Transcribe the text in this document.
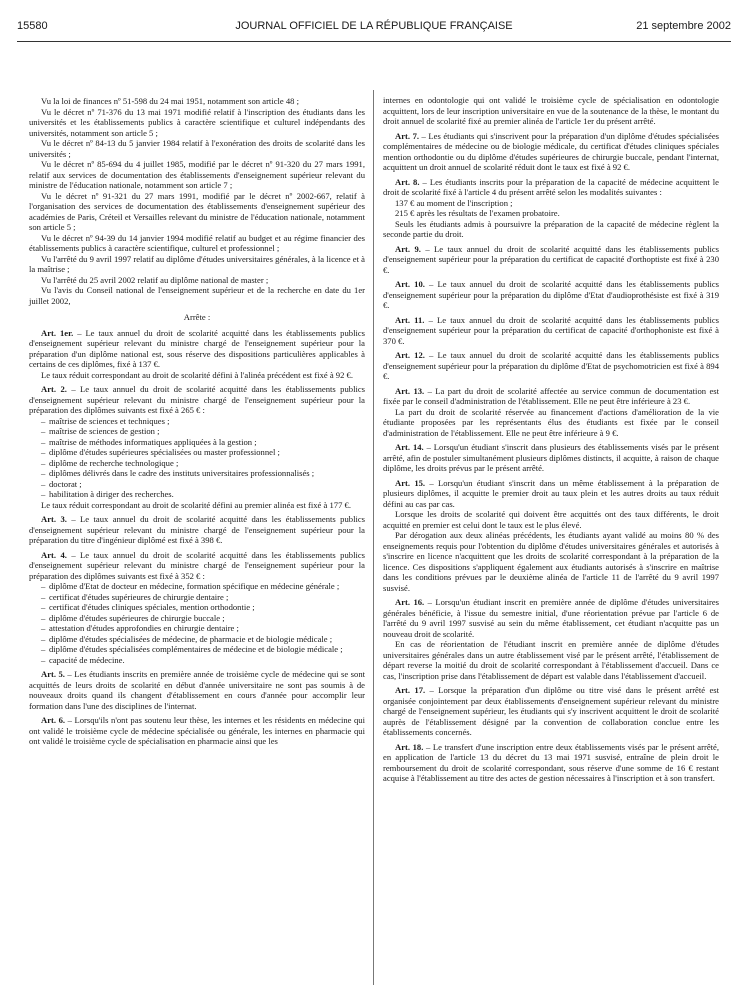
15580	JOURNAL OFFICIEL DE LA RÉPUBLIQUE FRANÇAISE	21 septembre 2002

Vu la loi de finances nº 51-598 du 24 mai 1951, notamment son article 48 ;

Vu le décret nº 71-376 du 13 mai 1971 modifié relatif à l'inscription des étudiants dans les universités et les établissements publics à caractère scientifique et culturel indépendants des universités, notamment son article 5 ;

Vu le décret nº 84-13 du 5 janvier 1984 relatif à l'exonération des droits de scolarité dans les universités ;

Vu le décret nº 85-694 du 4 juillet 1985, modifié par le décret nº 91-320 du 27 mars 1991, relatif aux services de documentation des établissements d'enseignement supérieur relevant du ministre de l'éducation nationale, notamment son article 7 ;

Vu le décret nº 91-321 du 27 mars 1991, modifié par le décret nº 2002-667, relatif à l'organisation des services de documentation des établissements d'enseignement supérieur des académies de Paris, Créteil et Versailles relevant du ministre de l'éducation nationale, notamment son article 5 ;

Vu le décret nº 94-39 du 14 janvier 1994 modifié relatif au budget et au régime financier des établissements publics à caractère scientifique, culturel et professionnel ;

Vu l'arrêté du 9 avril 1997 relatif au diplôme d'études universitaires générales, à la licence et à la maîtrise ;

Vu l'arrêté du 25 avril 2002 relatif au diplôme national de master ;

Vu l'avis du Conseil national de l'enseignement supérieur et de la recherche en date du 1er juillet 2002,

Arrête :

Art. 1er. – Le taux annuel du droit de scolarité acquitté dans les établissements publics d'enseignement supérieur relevant du ministre chargé de l'enseignement supérieur pour la préparation d'un diplôme national est, sous réserve des dispositions particulières applicables à certains de ces diplômes, fixé à 137 €.

Le taux réduit correspondant au droit de scolarité défini à l'alinéa précédent est fixé à 92 €.

Art. 2. – Le taux annuel du droit de scolarité acquitté dans les établissements publics d'enseignement supérieur relevant du ministre chargé de l'enseignement supérieur pour la préparation des diplômes suivants est fixé à 265 € :

– maîtrise de sciences et techniques ;
– maîtrise de sciences de gestion ;
– maîtrise de méthodes informatiques appliquées à la gestion ;
– diplôme d'études supérieures spécialisées ou master professionnel ;
– diplôme de recherche technologique ;
– diplômes délivrés dans le cadre des instituts universitaires professionnalisés ;
– doctorat ;
– habilitation à diriger des recherches.

Le taux réduit correspondant au droit de scolarité défini au premier alinéa est fixé à 177 €.

Art. 3. – Le taux annuel du droit de scolarité acquitté dans les établissements publics d'enseignement supérieur relevant du ministre chargé de l'enseignement supérieur pour la préparation du titre d'ingénieur diplômé est fixé à 398 €.

Art. 4. – Le taux annuel du droit de scolarité acquitté dans les établissements publics d'enseignement supérieur relevant du ministre chargé de l'enseignement supérieur pour la préparation des diplômes suivants est fixé à 352 € :

– diplôme d'Etat de docteur en médecine, formation spécifique en médecine générale ;
– certificat d'études supérieures de chirurgie dentaire ;
– certificat d'études cliniques spéciales, mention orthodontie ;
– diplôme d'études supérieures de chirurgie buccale ;
– attestation d'études approfondies en chirurgie dentaire ;
– diplôme d'études spécialisées de médecine, de pharmacie et de biologie médicale ;
– diplôme d'études spécialisées complémentaires de médecine et de biologie médicale ;
– capacité de médecine.

Art. 5. – Les étudiants inscrits en première année de troisième cycle de médecine qui se sont acquittés de leurs droits de scolarité en début d'année universitaire ne sont pas soumis à de nouveaux droits quand ils changent d'établissement en cours d'année pour accomplir leur formation dans l'une des disciplines de l'internat.

Art. 6. – Lorsqu'ils n'ont pas soutenu leur thèse, les internes et les résidents en médecine qui ont validé le troisième cycle de médecine spécialisée ou générale, les internes en pharmacie qui ont validé le troisième cycle de spécialisation en pharmacie ainsi que les

internes en odontologie qui ont validé le troisième cycle de spécialisation en odontologie acquittent, lors de leur inscription universitaire en vue de la soutenance de la thèse, le montant du droit annuel de scolarité fixé au premier alinéa de l'article 1er du présent arrêté.

Art. 7. – Les étudiants qui s'inscrivent pour la préparation d'un diplôme d'études spécialisées complémentaires de médecine ou de biologie médicale, du certificat d'études cliniques spéciales mention orthodontie ou du diplôme d'études supérieures de chirurgie buccale, pendant l'internat, acquittent un droit annuel de scolarité réduit dont le taux est fixé à 92 €.

Art. 8. – Les étudiants inscrits pour la préparation de la capacité de médecine acquittent le droit de scolarité fixé à l'article 4 du présent arrêté selon les modalités suivantes :

137 € au moment de l'inscription ;

215 € après les résultats de l'examen probatoire.

Seuls les étudiants admis à poursuivre la préparation de la capacité de médecine règlent la seconde partie du droit.

Art. 9. – Le taux annuel du droit de scolarité acquitté dans les établissements publics d'enseignement supérieur pour la préparation du certificat de capacité d'orthoptiste est fixé à 230 €.

Art. 10. – Le taux annuel du droit de scolarité acquitté dans les établissements publics d'enseignement supérieur pour la préparation du diplôme d'Etat d'audioprothésiste est fixé à 319 €.

Art. 11. – Le taux annuel du droit de scolarité acquitté dans les établissements publics d'enseignement supérieur pour la préparation du certificat de capacité d'orthophoniste est fixé à 370 €.

Art. 12. – Le taux annuel du droit de scolarité acquitté dans les établissements publics d'enseignement supérieur pour la préparation du diplôme d'Etat de psychomotricien est fixé à 894 €.

Art. 13. – La part du droit de scolarité affectée au service commun de documentation est fixée par le conseil d'administration de l'établissement. Elle ne peut être inférieure à 23 €.

La part du droit de scolarité réservée au financement d'actions d'amélioration de la vie étudiante proposées par les représentants élus des étudiants est fixée par le conseil d'administration de l'établissement. Elle ne peut être inférieure à 9 €.

Art. 14. – Lorsqu'un étudiant s'inscrit dans plusieurs des établissements visés par le présent arrêté, afin de postuler simultanément plusieurs diplômes distincts, il acquitte, à raison de chaque diplôme, les droits prévus par le présent arrêté.

Art. 15. – Lorsqu'un étudiant s'inscrit dans un même établissement à la préparation de plusieurs diplômes, il acquitte le premier droit au taux plein et les autres droits au taux réduit défini au cas par cas.

Lorsque les droits de scolarité qui doivent être acquittés ont des taux différents, le droit acquitté en premier est celui dont le taux est le plus élevé.

Par dérogation aux deux alinéas précédents, les étudiants ayant validé au moins 80 % des enseignements requis pour l'obtention du diplôme d'études universitaires générales et autorisés à s'inscrire en licence n'acquittent que les droits de scolarité correspondant à la préparation de la licence. Ces dispositions s'appliquent également aux étudiants autorisés à s'inscrire en maîtrise dans les conditions prévues par le deuxième alinéa de l'article 11 de l'arrêté du 9 avril 1997 susvisé.

Art. 16. – Lorsqu'un étudiant inscrit en première année de diplôme d'études universitaires générales bénéficie, à l'issue du semestre initial, d'une réorientation prévue par l'article 6 de l'arrêté du 9 avril 1997 susvisé au sein du même établissement, cet étudiant n'acquitte pas un nouveau droit de scolarité.

En cas de réorientation de l'étudiant inscrit en première année de diplôme d'études universitaires générales dans un autre établissement visé par le présent arrêté, l'établissement de départ reverse la moitié du droit de scolarité correspondant à l'établissement d'accueil. Dans ce cas, l'inscription prise dans l'établissement de départ est valable dans l'établissement d'accueil.

Art. 17. – Lorsque la préparation d'un diplôme ou titre visé dans le présent arrêté est organisée conjointement par deux établissements d'enseignement supérieur relevant du ministre chargé de l'enseignement supérieur, les étudiants qui s'y inscrivent acquittent le droit de scolarité auprès de l'établissement désigné par la convention de collaboration conclue entre les établissements concernés.

Art. 18. – Le transfert d'une inscription entre deux établissements visés par le présent arrêté, en application de l'article 13 du décret du 13 mai 1971 susvisé, entraîne de plein droit le remboursement du droit de scolarité correspondant, sous réserve d'une somme de 16 € restant acquise à l'établissement au titre des actes de gestion nécessaires à l'inscription et à son transfert.
